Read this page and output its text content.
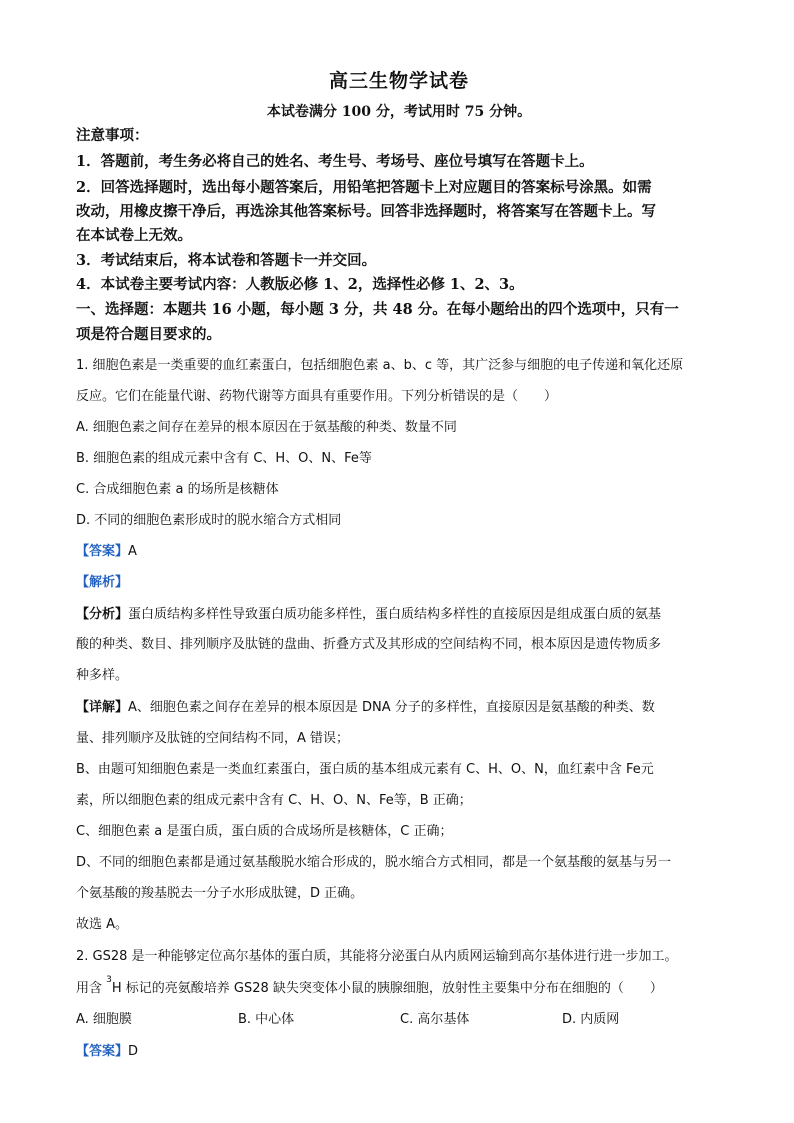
高三生物学试卷
本试卷满分 100 分，考试用时 75 分钟。
注意事项：
1．答题前，考生务必将自己的姓名、考生号、考场号、座位号填写在答题卡上。
2．回答选择题时，选出每小题答案后，用铅笔把答题卡上对应题目的答案标号涂黑。如需
改动，用橡皮擦干净后，再选涂其他答案标号。回答非选择题时，将答案写在答题卡上。写
在本试卷上无效。
3．考试结束后，将本试卷和答题卡一并交回。
4．本试卷主要考试内容：人教版必修 1、2，选择性必修 1、2、3。
一、选择题：本题共 16 小题，每小题 3 分，共 48 分。在每小题给出的四个选项中，只有一
项是符合题目要求的。
1. 细胞色素是一类重要的血红素蛋白，包括细胞色素 a、b、c 等，其广泛参与细胞的电子传递和氧化还原
反应。它们在能量代谢、药物代谢等方面具有重要作用。下列分析错误的是（　　）
A. 细胞色素之间存在差异的根本原因在于氨基酸的种类、数量不同
B. 细胞色素的组成元素中含有 C、H、O、N、Fe等
C. 合成细胞色素 a 的场所是核糖体
D. 不同的细胞色素形成时的脱水缩合方式相同
【答案】A
【解析】
【分析】蛋白质结构多样性导致蛋白质功能多样性，蛋白质结构多样性的直接原因是组成蛋白质的氨基
酸的种类、数目、排列顺序及肽链的盘曲、折叠方式及其形成的空间结构不同，根本原因是遗传物质多
种多样。
【详解】A、细胞色素之间存在差异的根本原因是 DNA 分子的多样性，直接原因是氨基酸的种类、数
量、排列顺序及肽链的空间结构不同，A 错误；
B、由题可知细胞色素是一类血红素蛋白，蛋白质的基本组成元素有 C、H、O、N，血红素中含 Fe元
素，所以细胞色素的组成元素中含有 C、H、O、N、Fe等，B 正确；
C、细胞色素 a 是蛋白质，蛋白质的合成场所是核糖体，C 正确；
D、不同的细胞色素都是通过氨基酸脱水缩合形成的，脱水缩合方式相同，都是一个氨基酸的氨基与另一
个氨基酸的羧基脱去一分子水形成肽键，D 正确。
故选 A。
2. GS28 是一种能够定位高尔基体的蛋白质，其能将分泌蛋白从内质网运输到高尔基体进行进一步加工。
用含 $^3$H 标记的亮氨酸培养 GS28 缺失突变体小鼠的胰腺细胞，放射性主要集中分布在细胞的（　　）
A. 细胞膜	B. 中心体	C. 高尔基体	D. 内质网
【答案】D
